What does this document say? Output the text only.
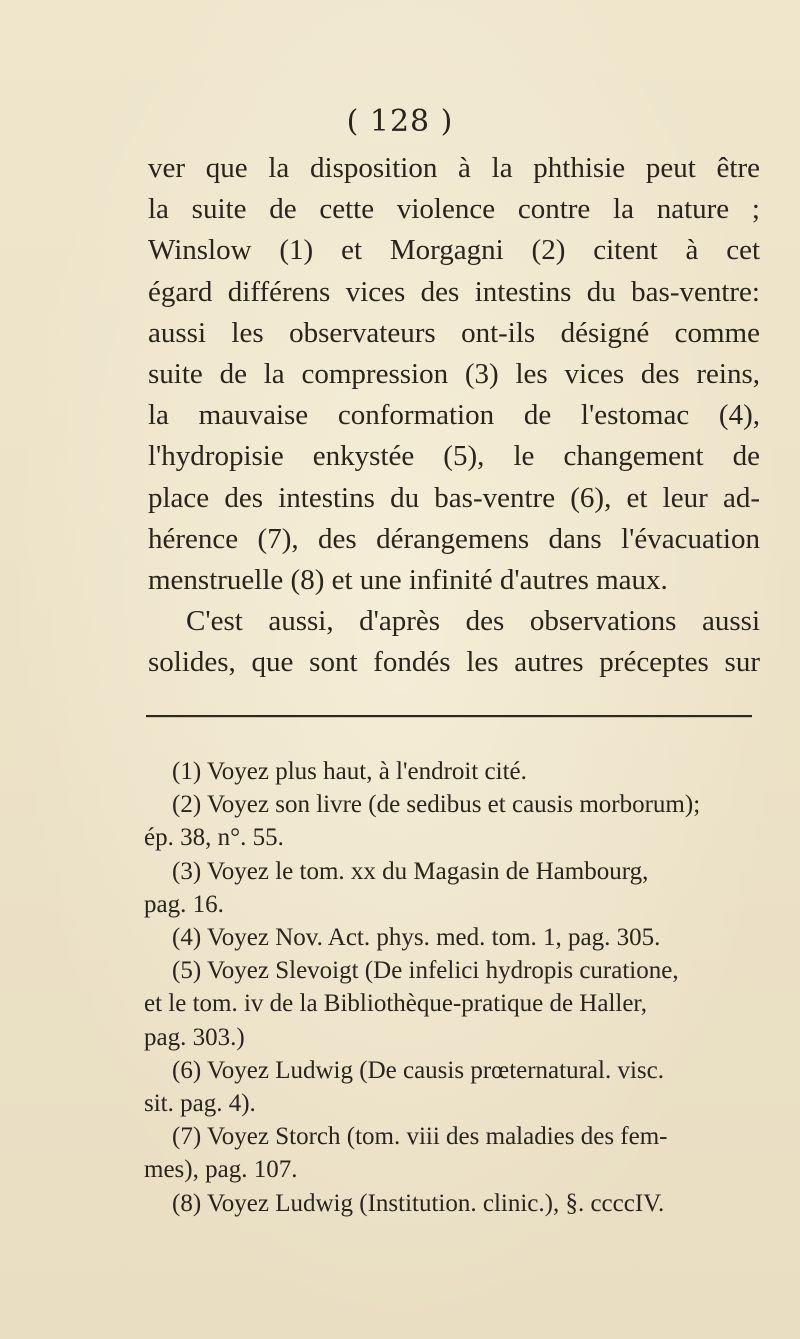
( 128 )
ver que la disposition à la phthisie peut être
la suite de cette violence contre la nature ;
Winslow (1) et Morgagni (2) citent à cet
égard différens vices des intestins du bas-ventre:
aussi les observateurs ont-ils désigné comme
suite de la compression (3) les vices des reins,
la mauvaise conformation de l'estomac (4),
l'hydropisie enkystée (5), le changement de
place des intestins du bas-ventre (6), et leur ad-
hérence (7), des dérangemens dans l'évacuation
menstruelle (8) et une infinité d'autres maux.
C'est aussi, d'après des observations aussi
solides, que sont fondés les autres préceptes sur
(1) Voyez plus haut, à l'endroit cité.
(2) Voyez son livre (de sedibus et causis morborum);
ép. 38, n°. 55.
(3) Voyez le tom. xx du Magasin de Hambourg,
pag. 16.
(4) Voyez Nov. Act. phys. med. tom. 1, pag. 305.
(5) Voyez Slevoigt (De infelici hydropis curatione,
et le tom. iv de la Bibliothèque-pratique de Haller,
pag. 303.)
(6) Voyez Ludwig (De causis prœternatural. visc.
sit. pag. 4).
(7) Voyez Storch (tom. viii des maladies des fem-
mes), pag. 107.
(8) Voyez Ludwig (Institution. clinic.), §. ccccIV.
